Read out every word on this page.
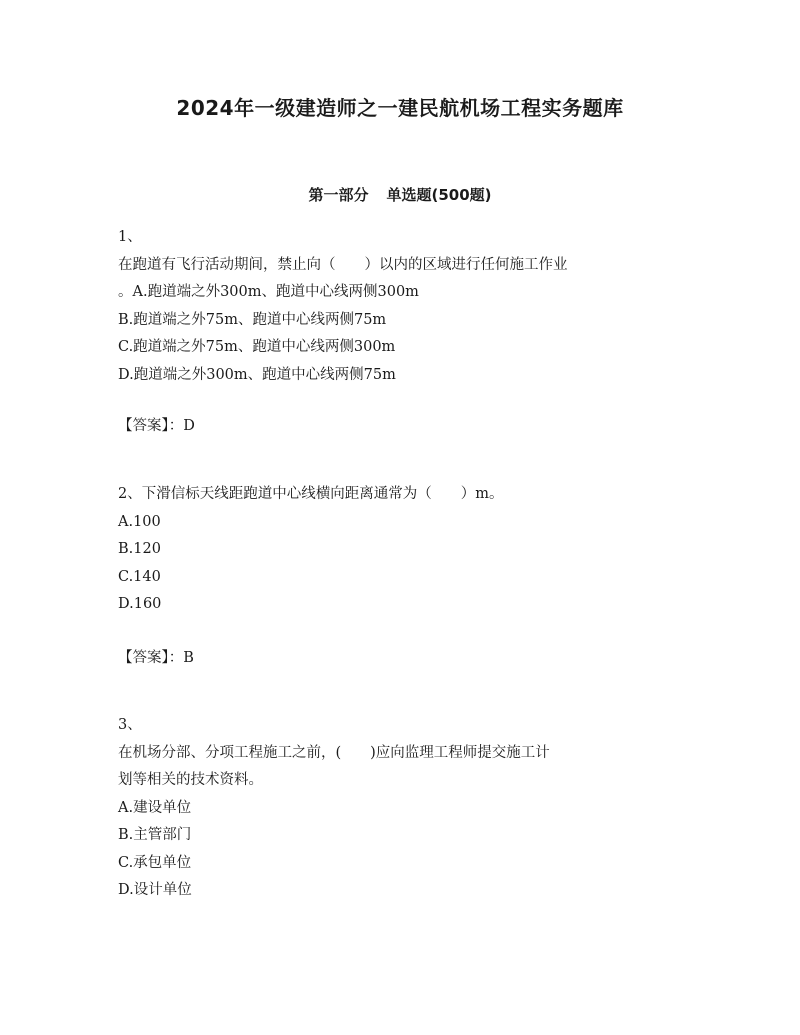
2024年一级建造师之一建民航机场工程实务题库
第一部分 单选题(500题)
1、
在跑道有飞行活动期间，禁止向（　　）以内的区域进行任何施工作业
。A.跑道端之外300m、跑道中心线两侧300m
B.跑道端之外75m、跑道中心线两侧75m
C.跑道端之外75m、跑道中心线两侧300m
D.跑道端之外300m、跑道中心线两侧75m
【答案】：D
2、下滑信标天线距跑道中心线横向距离通常为（　　）m。
A.100
B.120
C.140
D.160
【答案】：B
3、
在机场分部、分项工程施工之前，(　　)应向监理工程师提交施工计
划等相关的技术资料。
A.建设单位
B.主管部门
C.承包单位
D.设计单位
